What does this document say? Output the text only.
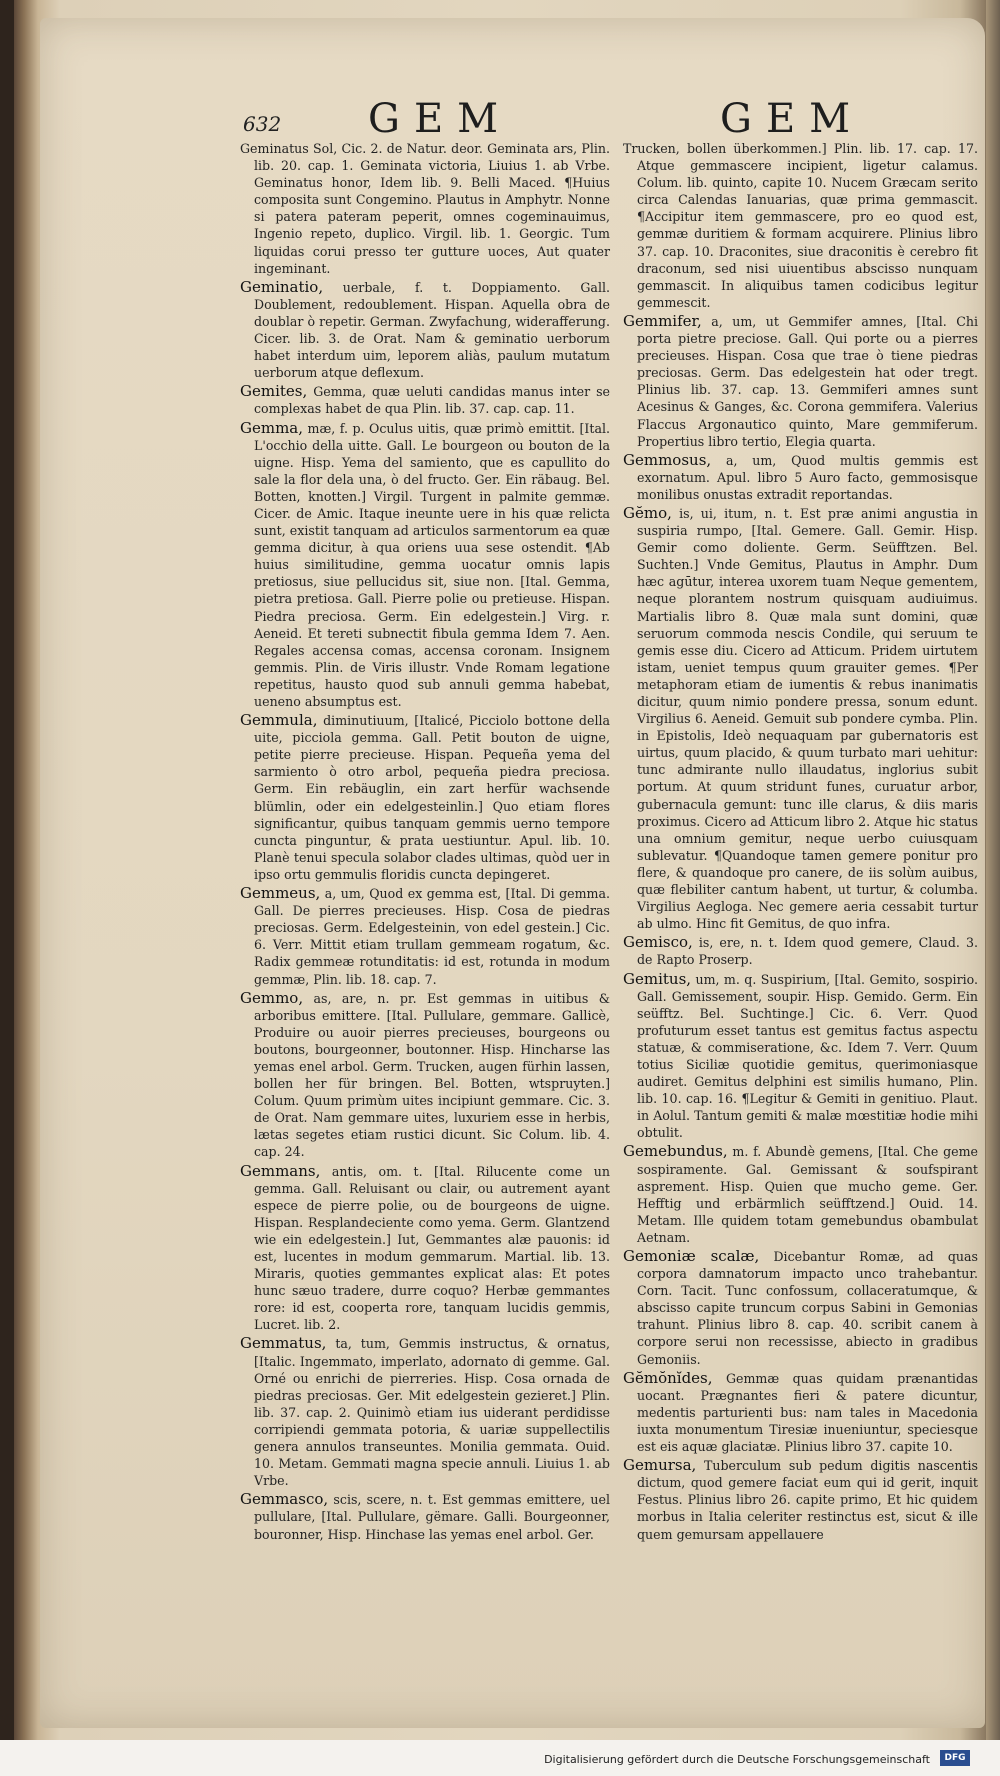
632 GEM	GEM

Geminatus Sol, Cic. 2. de Natur. deor. Geminata ars, Plin. lib. 20. cap. 1. Geminata victoria, Liuius 1. ab Vrbe. Geminatus honor, Idem lib. 9. Belli Maced. ¶Huius composita sunt Congemino. Plautus in Amphytr. Nonne si patera pateram peperit, omnes cogeminauimus, Ingenio repeto, duplico. Virgil. lib. 1. Georgic. Tum liquidas corui presso ter gutture uoces, Aut quater ingeminant.

Geminatio, uerbale, f. t. Doppiamento. Gall. Doublement, redoublement. Hispan. Aquella obra de doublar ò repetir. German. Zwyfachung, widerafferung. Cicer. lib. 3. de Orat. Nam & geminatio uerborum habet interdum uim, leporem aliàs, paulum mutatum uerborum atque deflexum.

Gemites, Gemma, quæ ueluti candidas manus inter se complexas habet de qua Plin. lib. 37. cap. cap. 11.

Gemma, mæ, f. p. Oculus uitis, quæ primò emittit. [Ital. L'occhio della uitte. Gall. Le bourgeon ou bouton de la uigne. Hisp. Yema del samiento, que es capullito do sale la flor dela una, ò del fructo. Ger. Ein räbaug. Bel. Botten, knotten.] Virgil. Turgent in palmite gemmæ. Cicer. de Amic. Itaque ineunte uere in his quæ relicta sunt, existit tanquam ad articulos sarmentorum ea quæ gemma dicitur, à qua oriens uua sese ostendit. ¶Ab huius similitudine, gemma uocatur omnis lapis pretiosus, siue pellucidus sit, siue non. [Ital. Gemma, pietra pretiosa. Gall. Pierre polie ou pretieuse. Hispan. Piedra preciosa. Germ. Ein edelgestein.] Virg. r. Aeneid. Et tereti subnectit fibula gemma Idem 7. Aen. Regales accensa comas, accensa coronam. Insignem gemmis. Plin. de Viris illustr. Vnde Romam legatione repetitus, hausto quod sub annuli gemma habebat, ueneno absumptus est.

Gemmula, diminutiuum, [Italicé, Picciolo bottone della uite, picciola gemma. Gall. Petit bouton de uigne, petite pierre precieuse. Hispan. Pequeña yema del sarmiento ò otro arbol, pequeña piedra preciosa. Germ. Ein rebäuglin, ein zart herfür wachsende blümlin, oder ein edelgesteinlin.] Quo etiam flores significantur, quibus tanquam gemmis uerno tempore cuncta pinguntur, & prata uestiuntur. Apul. lib. 10. Planè tenui specula solabor clades ultimas, quòd uer in ipso ortu gemmulis floridis cuncta depingeret.

Gemmeus, a, um, Quod ex gemma est, [Ital. Di gemma. Gall. De pierres precieuses. Hisp. Cosa de piedras preciosas. Germ. Edelgesteinin, von edel gestein.] Cic. 6. Verr. Mittit etiam trullam gemmeam rogatum, &c. Radix gemmeæ rotunditatis: id est, rotunda in modum gemmæ, Plin. lib. 18. cap. 7.

Gemmo, as, are, n. pr. Est gemmas in uitibus & arboribus emittere. [Ital. Pullulare, gemmare. Gallicè, Produire ou auoir pierres precieuses, bourgeons ou boutons, bourgeonner, boutonner. Hisp. Hincharse las yemas enel arbol. Germ. Trucken, augen fürhin lassen, bollen her für bringen. Bel. Botten, wtspruyten.] Colum. Quum primùm uites incipiunt gemmare. Cic. 3. de Orat. Nam gemmare uites, luxuriem esse in herbis, lætas segetes etiam rustici dicunt. Sic Colum. lib. 4. cap. 24.

Gemmans, antis, om. t. [Ital. Rilucente come un gemma. Gall. Reluisant ou clair, ou autrement ayant espece de pierre polie, ou de bourgeons de uigne. Hispan. Resplandeciente como yema. Germ. Glantzend wie ein edelgestein.] Iut, Gemmantes alæ pauonis: id est, lucentes in modum gemmarum. Martial. lib. 13. Miraris, quoties gemmantes explicat alas: Et potes hunc sæuo tradere, durre coquo? Herbæ gemmantes rore: id est, cooperta rore, tanquam lucidis gemmis, Lucret. lib. 2.

Gemmatus, ta, tum, Gemmis instructus, & ornatus, [Italic. Ingemmato, imperlato, adornato di gemme. Gal. Orné ou enrichi de pierreries. Hisp. Cosa ornada de piedras preciosas. Ger. Mit edelgestein gezieret.] Plin. lib. 37. cap. 2. Quinimò etiam ius uiderant perdidisse corripiendi gemmata potoria, & uariæ suppellectilis genera annulos transeuntes. Monilia gemmata. Ouid. 10. Metam. Gemmati magna specie annuli. Liuius 1. ab Vrbe.

Gemmasco, scis, scere, n. t. Est gemmas emittere, uel pullulare, [Ital. Pullulare, gëmare. Galli. Bourgeonner, bouronner, Hisp. Hinchase las yemas enel arbol. Ger.

Trucken, bollen überkommen.] Plin. lib. 17. cap. 17. Atque gemmascere incipient, ligetur calamus. Colum. lib. quinto, capite 10. Nucem Græcam serito circa Calendas Ianuarias, quæ prima gemmascit. ¶Accipitur item gemmascere, pro eo quod est, gemmæ duritiem & formam acquirere. Plinius libro 37. cap. 10. Draconites, siue draconitis è cerebro fit draconum, sed nisi uiuentibus abscisso nunquam gemmascit. In aliquibus tamen codicibus legitur gemmescit.

Gemmifer, a, um, ut Gemmifer amnes, [Ital. Chi porta pietre preciose. Gall. Qui porte ou a pierres precieuses. Hispan. Cosa que trae ò tiene piedras preciosas. Germ. Das edelgestein hat oder tregt. Plinius lib. 37. cap. 13. Gemmiferi amnes sunt Acesinus & Ganges, &c. Corona gemmifera. Valerius Flaccus Argonautico quinto, Mare gemmiferum. Propertius libro tertio, Elegia quarta.

Gemmosus, a, um, Quod multis gemmis est exornatum. Apul. libro 5 Auro facto, gemmosisque monilibus onustas extradit reportandas.

Gĕmo, is, ui, itum, n. t. Est præ animi angustia in suspiria rumpo, [Ital. Gemere. Gall. Gemir. Hisp. Gemir como doliente. Germ. Seüfftzen. Bel. Suchten.] Vnde Gemitus, Plautus in Amphr. Dum hæc agūtur, interea uxorem tuam Neque gementem, neque plorantem nostrum quisquam audiuimus. Martialis libro 8. Quæ mala sunt domini, quæ seruorum commoda nescis Condile, qui seruum te gemis esse diu. Cicero ad Atticum. Pridem uirtutem istam, ueniet tempus quum grauiter gemes. ¶Per metaphoram etiam de iumentis & rebus inanimatis dicitur, quum nimio pondere pressa, sonum edunt. Virgilius 6. Aeneid. Gemuit sub pondere cymba. Plin. in Epistolis, Ideò nequaquam par gubernatoris est uirtus, quum placido, & quum turbato mari uehitur: tunc admirante nullo illaudatus, inglorius subit portum. At quum stridunt funes, curuatur arbor, gubernacula gemunt: tunc ille clarus, & diis maris proximus. Cicero ad Atticum libro 2. Atque hic status una omnium gemitur, neque uerbo cuiusquam sublevatur. ¶Quandoque tamen gemere ponitur pro flere, & quandoque pro canere, de iis solùm auibus, quæ flebiliter cantum habent, ut turtur, & columba. Virgilius Aegloga. Nec gemere aeria cessabit turtur ab ulmo. Hinc fit Gemitus, de quo infra.

Gemisco, is, ere, n. t. Idem quod gemere, Claud. 3. de Rapto Proserp.

Gemitus, um, m. q. Suspirium, [Ital. Gemito, sospirio. Gall. Gemissement, soupir. Hisp. Gemido. Germ. Ein seüfftz. Bel. Suchtinge.] Cic. 6. Verr. Quod profuturum esset tantus est gemitus factus aspectu statuæ, & commiseratione, &c. Idem 7. Verr. Quum totius Siciliæ quotidie gemitus, querimoniasque audiret. Gemitus delphini est similis humano, Plin. lib. 10. cap. 16. ¶Legitur & Gemiti in genitiuo. Plaut. in Aolul. Tantum gemiti & malæ mœstitiæ hodie mihi obtulit.

Gemebundus, m. f. Abundè gemens, [Ital. Che geme sospiramente. Gal. Gemissant & soufspirant asprement. Hisp. Quien que mucho geme. Ger. Hefftig und erbärmlich seüfftzend.] Ouid. 14. Metam. Ille quidem totam gemebundus obambulat Aetnam.

Gemoniæ scalæ, Dicebantur Romæ, ad quas corpora damnatorum impacto unco trahebantur. Corn. Tacit. Tunc confossum, collaceratumque, & abscisso capite truncum corpus Sabini in Gemonias trahunt. Plinius libro 8. cap. 40. scribit canem à corpore serui non recessisse, abiecto in gradibus Gemoniis.

Gĕmŏnĭdes, Gemmæ quas quidam prænantidas uocant. Prægnantes fieri & patere dicuntur, medentis parturienti bus: nam tales in Macedonia iuxta monumentum Tiresiæ inueniuntur, speciesque est eis aquæ glaciatæ. Plinius libro 37. capite 10.

Gemursa, Tuberculum sub pedum digitis nascentis dictum, quod gemere faciat eum qui id gerit, inquit Festus. Plinius libro 26. capite primo, Et hic quidem morbus in Italia celeriter restinctus est, sicut & ille quem gemursam appellauere

Digitalisierung gefördert durch die Deutsche Forschungsgemeinschaft	DFG
